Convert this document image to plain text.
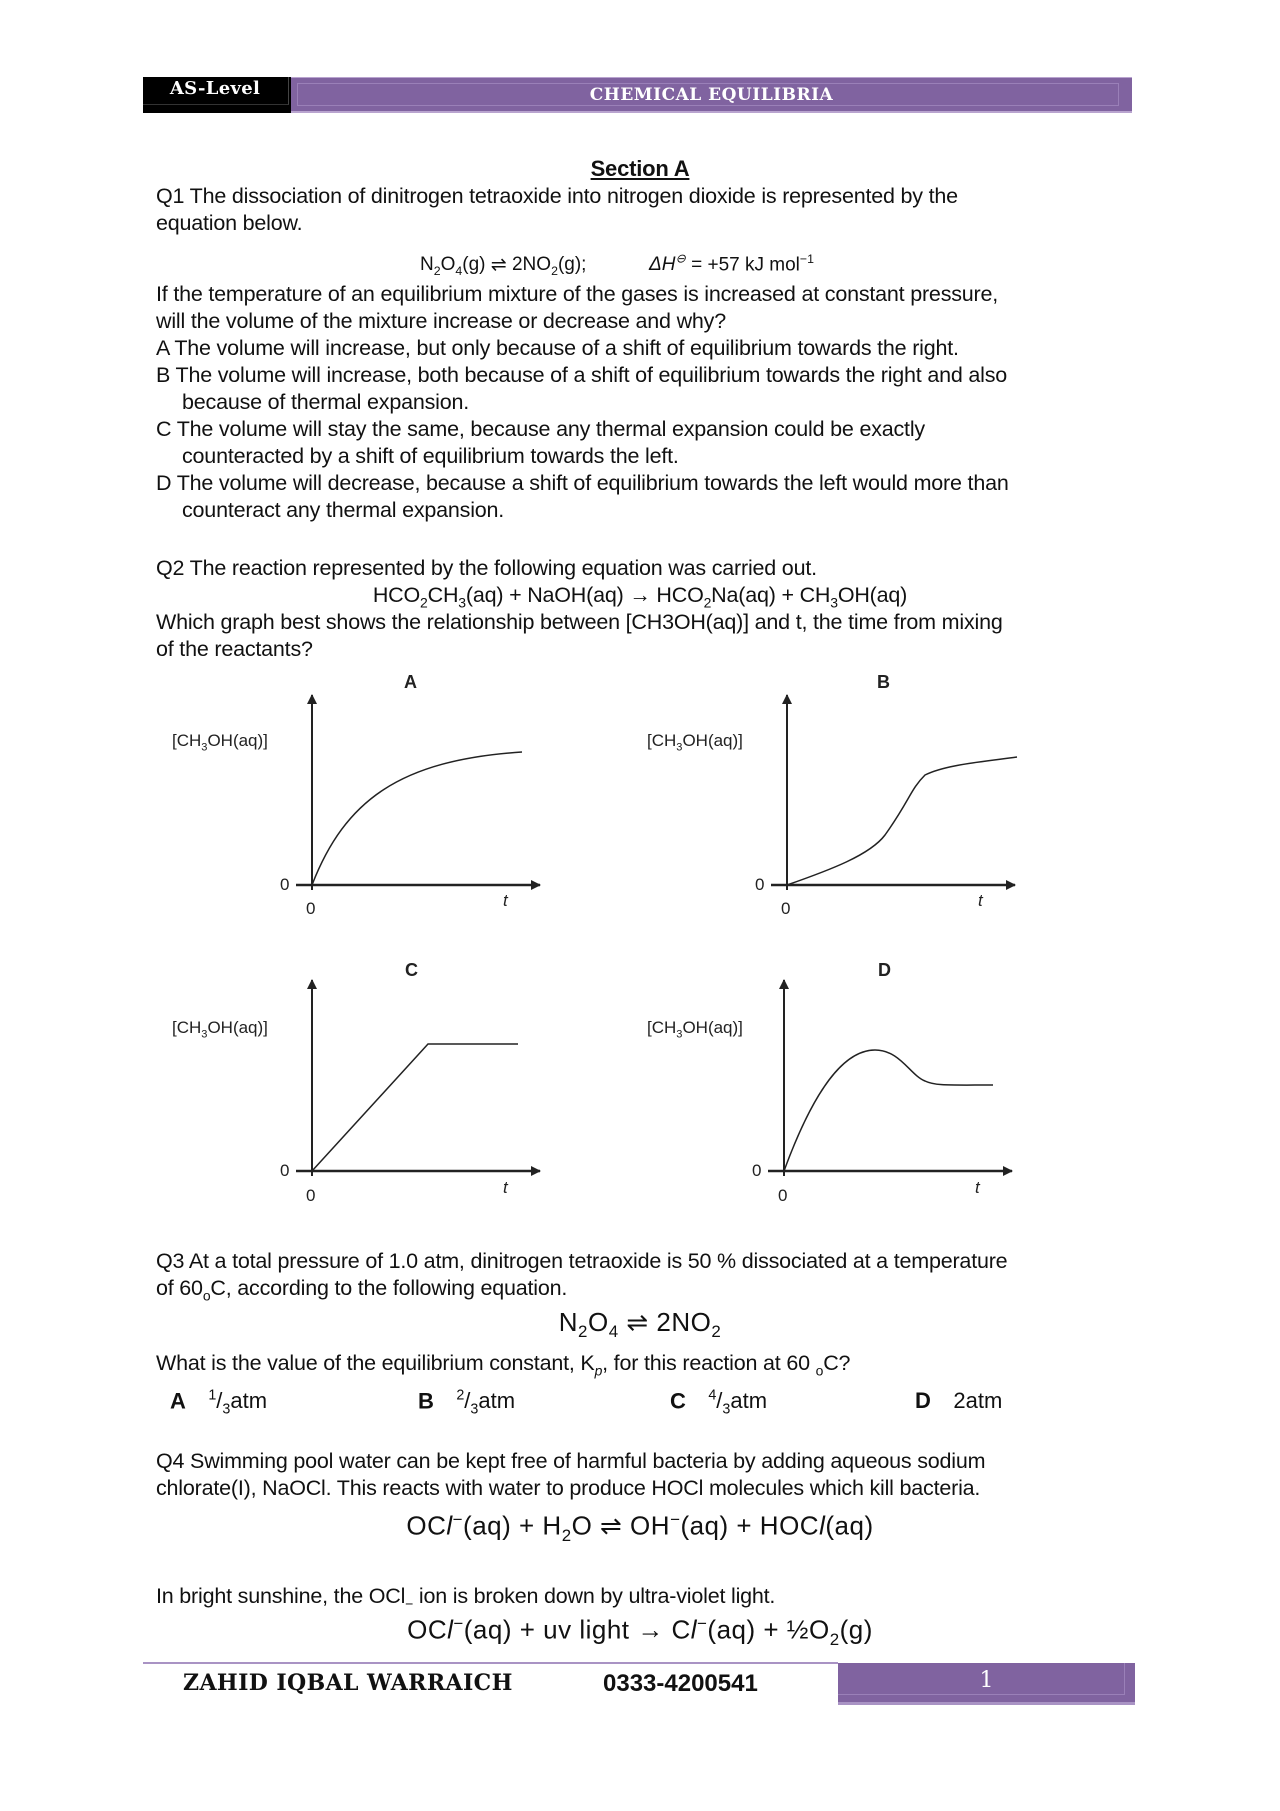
AS-Level	CHEMICAL EQUILIBRIA
Section A
Q1 The dissociation of dinitrogen tetraoxide into nitrogen dioxide is represented by the
equation below.
$N_2O_4(g)$ ⇌ $2NO_2(g)$;	ΔH⊖ = +57 kJ mol$^{-1}$
If the temperature of an equilibrium mixture of the gases is increased at constant pressure,
will the volume of the mixture increase or decrease and why?
A The volume will increase, but only because of a shift of equilibrium towards the right.
B The volume will increase, both because of a shift of equilibrium towards the right and also
because of thermal expansion.
C The volume will stay the same, because any thermal expansion could be exactly
counteracted by a shift of equilibrium towards the left.
D The volume will decrease, because a shift of equilibrium towards the left would more than
counteract any thermal expansion.
Q2 The reaction represented by the following equation was carried out.
$HCO_2CH_3(aq)$ + NaOH(aq) → $HCO_2Na(aq) + CH_3OH(aq)$
Which graph best shows the relationship between [CH3OH(aq)] and t, the time from mixing
of the reactants?
A
$[CH_3OH(aq)]$
0
0	t
B
$[CH_3OH(aq)]$
0
0	t
C
$[CH_3OH(aq)]$
0
0	t
D
$[CH_3OH(aq)]$
0
0	t
Q3 At a total pressure of 1.0 atm, dinitrogen tetraoxide is 50 % dissociated at a temperature
of $60_oC$, according to the following equation.
$N_2O_4$ ⇌ $2NO_2$
What is the value of the equilibrium constant, $K_p$, for this reaction at 60 $_o$C?
A $^1/_3atm$	B $^2/_3atm$	C $^4/_3atm$	D 2atm
Q4 Swimming pool water can be kept free of harmful bacteria by adding aqueous sodium
chlorate(I), NaOCl. This reacts with water to produce HOCl molecules which kill bacteria.
$OCl^-(aq) + H_2O$ ⇌ OH−(aq) + HOCl(aq)
In bright sunshine, the OCl$_-$ ion is broken down by ultra-violet light.
OCl−(aq) + uv light → $Cl^-(aq) + \frac{1}{2}O_2(g)$
ZAHID IQBAL WARRAICH	0333-4200541	1
